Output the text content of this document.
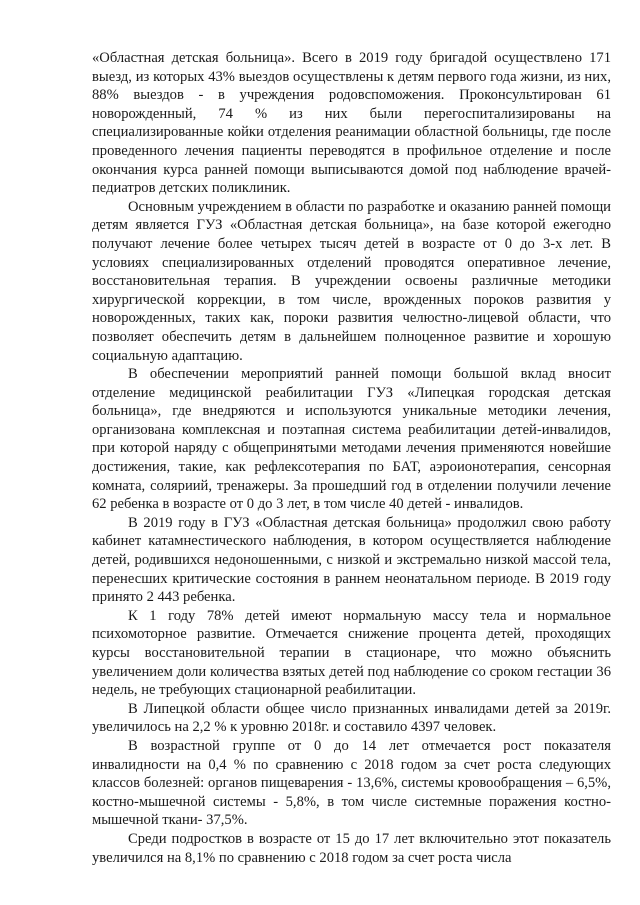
«Областная детская больница». Всего в 2019 году бригадой осуществлено 171 выезд, из которых 43% выездов осуществлены к детям первого года жизни, из них, 88% выездов - в учреждения родовспоможения. Проконсультирован 61 новорожденный, 74 % из них были перегоспитализированы на специализированные койки отделения реанимации областной больницы, где после проведенного лечения пациенты переводятся в профильное отделение и после окончания курса ранней помощи выписываются домой под наблюдение врачей-педиатров детских поликлиник.

Основным учреждением в области по разработке и оказанию ранней помощи детям является ГУЗ «Областная детская больница», на базе которой ежегодно получают лечение более четырех тысяч детей в возрасте от 0 до 3-х лет. В условиях специализированных отделений проводятся оперативное лечение, восстановительная терапия. В учреждении освоены различные методики хирургической коррекции, в том числе, врожденных пороков развития у новорожденных, таких как, пороки развития челюстно-лицевой области, что позволяет обеспечить детям в дальнейшем полноценное развитие и хорошую социальную адаптацию.

В обеспечении мероприятий ранней помощи большой вклад вносит отделение медицинской реабилитации ГУЗ «Липецкая городская детская больница», где внедряются и используются уникальные методики лечения, организована комплексная и поэтапная система реабилитации детей-инвалидов, при которой наряду с общепринятыми методами лечения применяются новейшие достижения, такие, как рефлексотерапия по БАТ, аэроионотерапия, сенсорная комната, соляриий, тренажеры. За прошедший год в отделении получили лечение 62 ребенка в возрасте от 0 до 3 лет, в том числе 40 детей - инвалидов.

В 2019 году в ГУЗ «Областная детская больница» продолжил свою работу кабинет катамнестического наблюдения, в котором осуществляется наблюдение детей, родившихся недоношенными, с низкой и экстремально низкой массой тела, перенесших критические состояния в раннем неонатальном периоде. В 2019 году принято 2 443 ребенка.

К 1 году 78% детей имеют нормальную массу тела и нормальное психомоторное развитие. Отмечается снижение процента детей, проходящих курсы восстановительной терапии в стационаре, что можно объяснить увеличением доли количества взятых детей под наблюдение со сроком гестации 36 недель, не требующих стационарной реабилитации.

В Липецкой области общее число признанных инвалидами детей за 2019г. увеличилось на 2,2 % к уровню 2018г. и составило 4397 человек.

В возрастной группе от 0 до 14 лет отмечается рост показателя инвалидности на 0,4 % по сравнению с 2018 годом за счет роста следующих классов болезней: органов пищеварения - 13,6%, системы кровообращения – 6,5%, костно-мышечной системы - 5,8%, в том числе системные поражения костно-мышечной ткани- 37,5%.

Среди подростков в возрасте от 15 до 17 лет включительно этот показатель увеличился на 8,1% по сравнению с 2018 годом за счет роста числа
